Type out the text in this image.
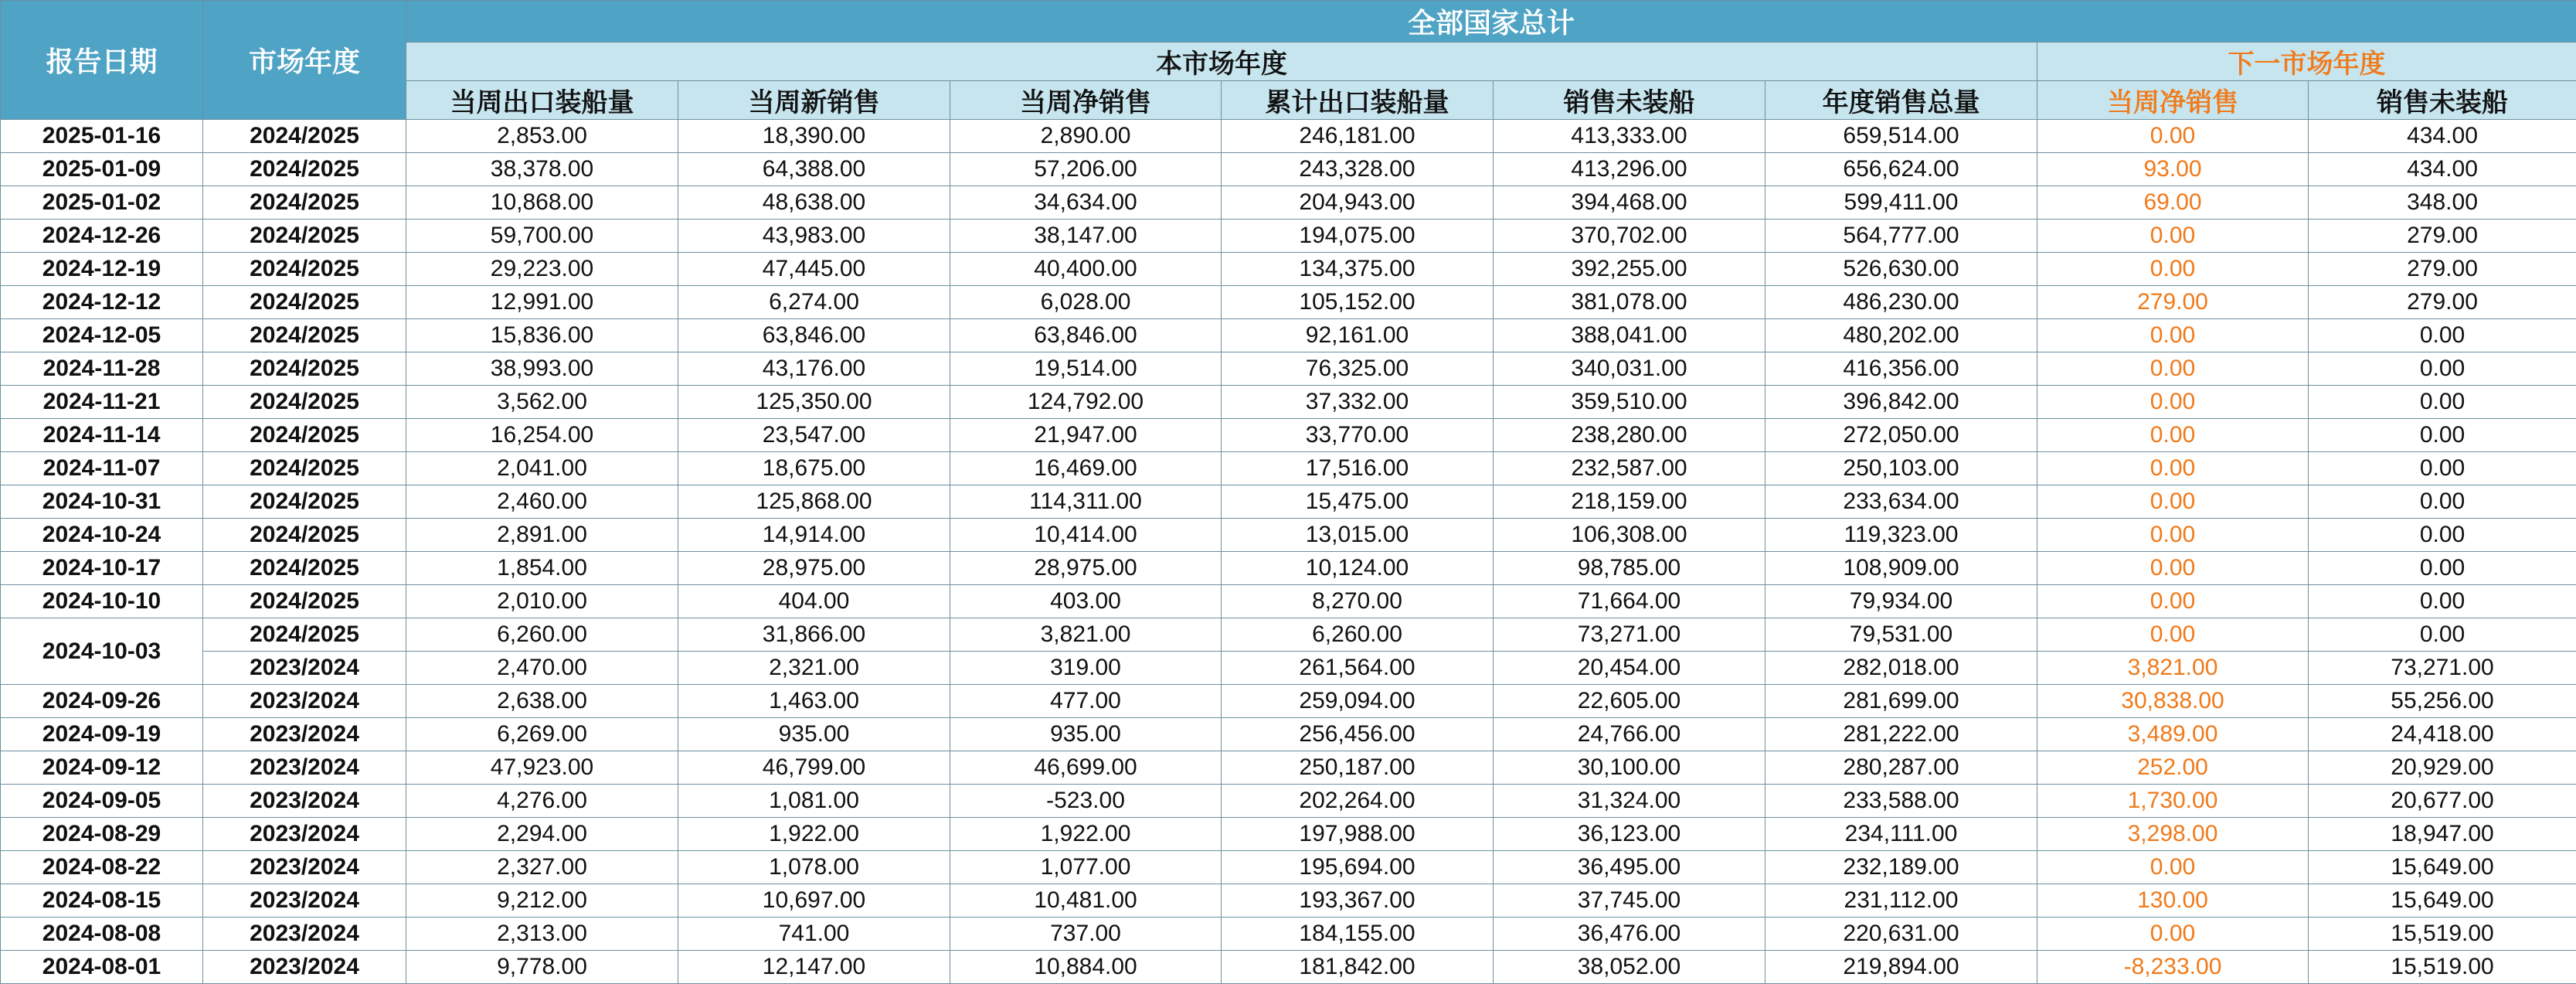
报告日期	市场年度	全部国家总计							
		本市场年度						下一市场年度	
		当周出口装船量	当周新销售	当周净销售	累计出口装船量	销售未装船	年度销售总量	当周净销售	销售未装船
2025-01-16	2024/2025	2,853.00	18,390.00	2,890.00	246,181.00	413,333.00	659,514.00	0.00	434.00
2025-01-09	2024/2025	38,378.00	64,388.00	57,206.00	243,328.00	413,296.00	656,624.00	93.00	434.00
2025-01-02	2024/2025	10,868.00	48,638.00	34,634.00	204,943.00	394,468.00	599,411.00	69.00	348.00
2024-12-26	2024/2025	59,700.00	43,983.00	38,147.00	194,075.00	370,702.00	564,777.00	0.00	279.00
2024-12-19	2024/2025	29,223.00	47,445.00	40,400.00	134,375.00	392,255.00	526,630.00	0.00	279.00
2024-12-12	2024/2025	12,991.00	6,274.00	6,028.00	105,152.00	381,078.00	486,230.00	279.00	279.00
2024-12-05	2024/2025	15,836.00	63,846.00	63,846.00	92,161.00	388,041.00	480,202.00	0.00	0.00
2024-11-28	2024/2025	38,993.00	43,176.00	19,514.00	76,325.00	340,031.00	416,356.00	0.00	0.00
2024-11-21	2024/2025	3,562.00	125,350.00	124,792.00	37,332.00	359,510.00	396,842.00	0.00	0.00
2024-11-14	2024/2025	16,254.00	23,547.00	21,947.00	33,770.00	238,280.00	272,050.00	0.00	0.00
2024-11-07	2024/2025	2,041.00	18,675.00	16,469.00	17,516.00	232,587.00	250,103.00	0.00	0.00
2024-10-31	2024/2025	2,460.00	125,868.00	114,311.00	15,475.00	218,159.00	233,634.00	0.00	0.00
2024-10-24	2024/2025	2,891.00	14,914.00	10,414.00	13,015.00	106,308.00	119,323.00	0.00	0.00
2024-10-17	2024/2025	1,854.00	28,975.00	28,975.00	10,124.00	98,785.00	108,909.00	0.00	0.00
2024-10-10	2024/2025	2,010.00	404.00	403.00	8,270.00	71,664.00	79,934.00	0.00	0.00
2024-10-03	2024/2025	6,260.00	31,866.00	3,821.00	6,260.00	73,271.00	79,531.00	0.00	0.00
	2023/2024	2,470.00	2,321.00	319.00	261,564.00	20,454.00	282,018.00	3,821.00	73,271.00
2024-09-26	2023/2024	2,638.00	1,463.00	477.00	259,094.00	22,605.00	281,699.00	30,838.00	55,256.00
2024-09-19	2023/2024	6,269.00	935.00	935.00	256,456.00	24,766.00	281,222.00	3,489.00	24,418.00
2024-09-12	2023/2024	47,923.00	46,799.00	46,699.00	250,187.00	30,100.00	280,287.00	252.00	20,929.00
2024-09-05	2023/2024	4,276.00	1,081.00	-523.00	202,264.00	31,324.00	233,588.00	1,730.00	20,677.00
2024-08-29	2023/2024	2,294.00	1,922.00	1,922.00	197,988.00	36,123.00	234,111.00	3,298.00	18,947.00
2024-08-22	2023/2024	2,327.00	1,078.00	1,077.00	195,694.00	36,495.00	232,189.00	0.00	15,649.00
2024-08-15	2023/2024	9,212.00	10,697.00	10,481.00	193,367.00	37,745.00	231,112.00	130.00	15,649.00
2024-08-08	2023/2024	2,313.00	741.00	737.00	184,155.00	36,476.00	220,631.00	0.00	15,519.00
2024-08-01	2023/2024	9,778.00	12,147.00	10,884.00	181,842.00	38,052.00	219,894.00	-8,233.00	15,519.00
